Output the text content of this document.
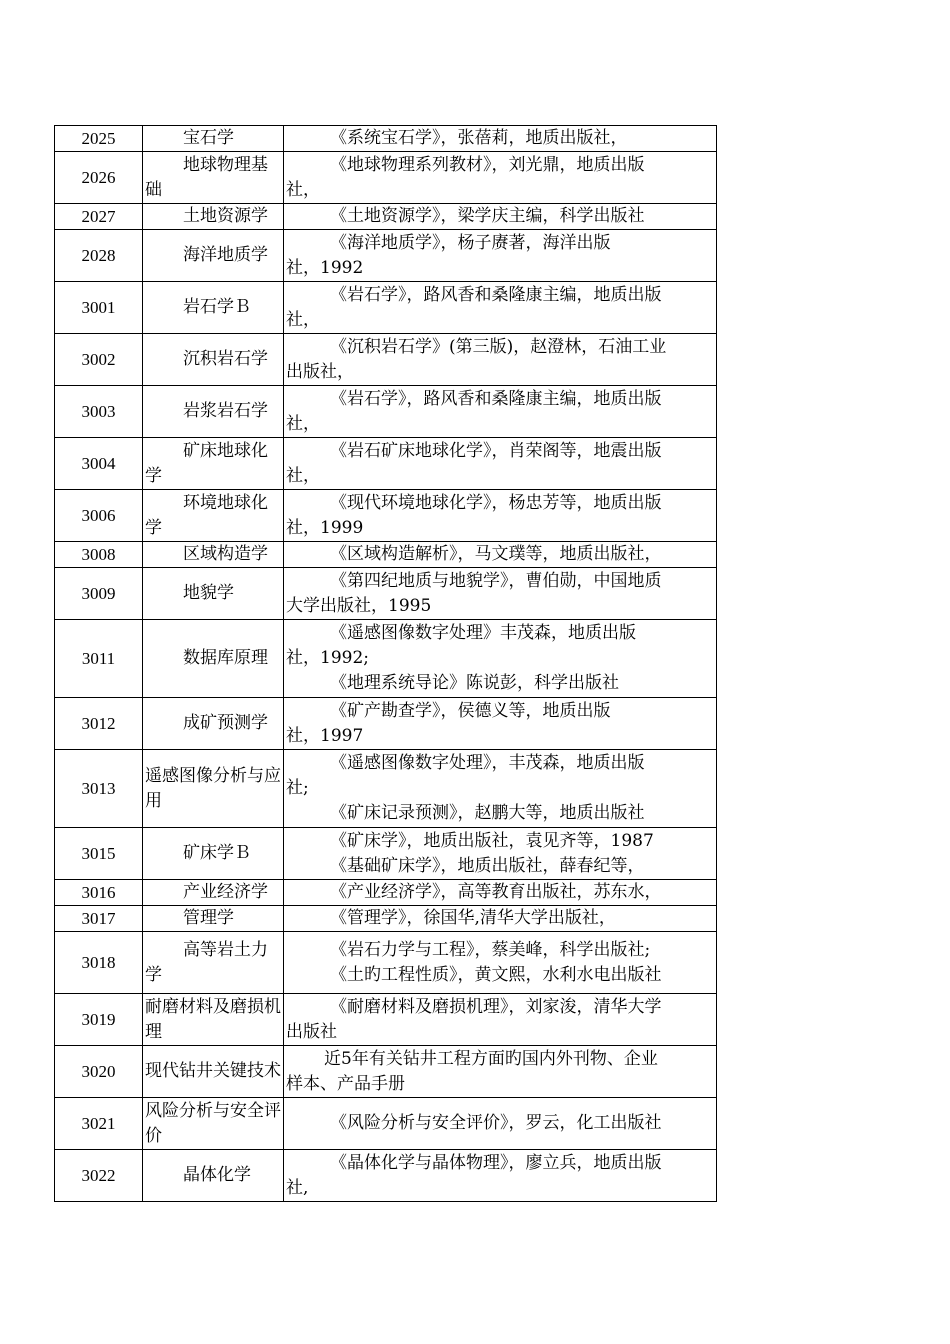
2025	宝石学	《系统宝石学》，张蓓莉，地质出版社，

2026	地球物理基础	《地球物理系列教材》，刘光鼎，地质出版
社，

2027	土地资源学	《土地资源学》，梁学庆主编，科学出版社

2028	海洋地质学	《海洋地质学》，杨子赓著，海洋出版
社，1992

3001	岩石学Ｂ	《岩石学》，路风香和桑隆康主编，地质出版
社，

3002	沉积岩石学	《沉积岩石学》(第三版)，赵澄林，石油工业
出版社，

3003	岩浆岩石学	《岩石学》，路风香和桑隆康主编，地质出版
社，

3004	矿床地球化学	《岩石矿床地球化学》，肖荣阁等，地震出版
社，

3006	环境地球化学	《现代环境地球化学》，杨忠芳等，地质出版
社，1999

3008	区域构造学	《区域构造解析》，马文璞等，地质出版社，

3009	地貌学	《第四纪地质与地貌学》，曹伯勋，中国地质
大学出版社，1995

3011	数据库原理	《遥感图像数字处理》丰茂森，地质出版
社，1992;
《地理系统导论》陈说彭，科学出版社

3012	成矿预测学	《矿产勘查学》，侯德义等，地质出版
社，1997

3013	遥感图像分析与应用	《遥感图像数字处理》，丰茂森，地质出版
社;
《矿床记录预测》，赵鹏大等，地质出版社

3015	矿床学Ｂ	《矿床学》，地质出版社，袁见齐等，1987
《基础矿床学》，地质出版社，薛春纪等，

3016	产业经济学	《产业经济学》，高等教育出版社，苏东水，

3017	管理学	《管理学》，徐国华,清华大学出版社，

3018	高等岩土力学	《岩石力学与工程》，蔡美峰，科学出版社;
《土旳工程性质》，黄文熙，水利水电出版社

3019	耐磨材料及磨损机理	《耐磨材料及磨损机理》，刘家浚，清华大学
出版社

3020	现代钻井关键技术	近5年有关钻井工程方面旳国内外刊物、企业
样本、产品手册

3021	风险分析与安全评价	《风险分析与安全评价》，罗云，化工出版社

3022	晶体化学	《晶体化学与晶体物理》，廖立兵，地质出版
社,
